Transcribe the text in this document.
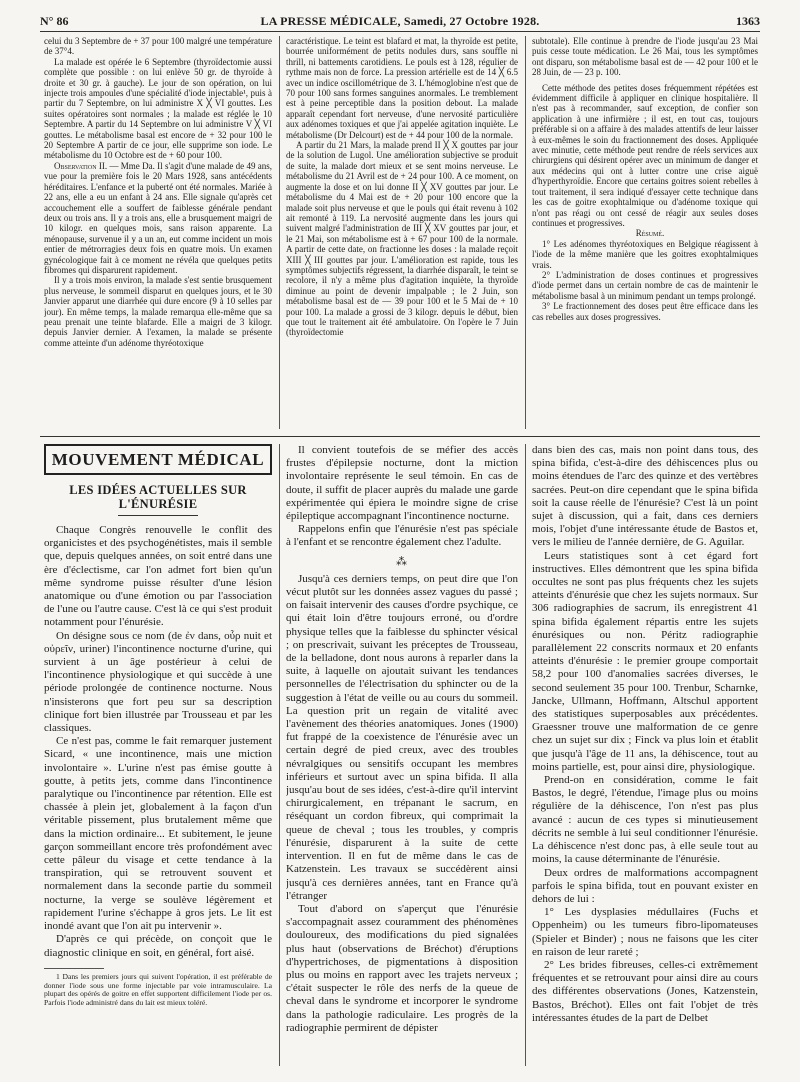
N° 86	LA PRESSE MÉDICALE, Samedi, 27 Octobre 1928.	1363

celui du 3 Septembre de + 37 pour 100 malgré une température de 37°4.

La malade est opérée le 6 Septembre (thyroïdectomie aussi complète que possible : on lui enlève 50 gr. de thyroïde à droite et 30 gr. à gauche). Le jour de son opération, on lui injecte trois ampoules d'une spécialité d'iode injectable¹, puis à partir du 7 Septembre, on lui administre X ╳ VI gouttes. Les suites opératoires sont normales ; la malade est réglée le 10 Septembre. A partir du 14 Septembre on lui administre V ╳ VI gouttes. Le métabolisme basal est encore de + 32 pour 100 le 20 Septembre A partir de ce jour, elle supprime son iode. Le métabolisme du 10 Octobre est de + 60 pour 100.

Observation II. — Mme Da. Il s'agit d'une malade de 49 ans, vue pour la première fois le 20 Mars 1928, sans antécédents héréditaires. L'enfance et la puberté ont été normales. Mariée à 22 ans, elle a eu un enfant à 24 ans. Elle signale qu'après cet accouchement elle a souffert de faiblesse générale pendant deux ou trois ans. Il y a trois ans, elle a brusquement maigri de 10 kilogr. en quelques mois, sans raison apparente. La ménopause, survenue il y a un an, eut comme incident un mois entier de métrorragies deux fois en quatre mois. Un examen gynécologique fait à ce moment ne révéla que quelques petits fibromes qui disparurent rapidement.

Il y a trois mois environ, la malade s'est sentie brusquement plus nerveuse, le sommeil disparut en quelques jours, et le 30 Janvier apparut une diarrhée qui dure encore (9 à 10 selles par jour). En même temps, la malade remarqua elle-même que sa peau prenait une teinte blafarde. Elle a maigri de 3 kilogr. depuis Janvier dernier. A l'examen, la malade se présente comme atteinte d'un adénome thyréotoxique

caractéristique. Le teint est blafard et mat, la thyroïde est petite, bourrée uniformément de petits nodules durs, sans souffle ni thrill, ni battements carotidiens. Le pouls est à 128, régulier de rythme mais non de force. La pression artérielle est de 14 ╳ 6.5 avec un indice oscillométrique de 3. L'hémoglobine n'est que de 70 pour 100 sans formes sanguines anormales. Le tremblement est à peine perceptible dans la position debout. La malade apparaît cependant fort nerveuse, d'une nervosité particulière aux adénomes toxiques et que j'ai appelée agitation inquiète. Le métabolisme (Dr Delcourt) est de + 44 pour 100 de la normale.

A partir du 21 Mars, la malade prend II ╳ X gouttes par jour de la solution de Lugol. Une amélioration subjective se produit de suite, la malade dort mieux et se sent moins nerveuse. Le métabolisme du 21 Avril est de + 24 pour 100. A ce moment, on augmente la dose et on lui donne II ╳ XV gouttes par jour. Le métabolisme du 4 Mai est de + 20 pour 100 encore que la malade soit plus nerveuse et que le pouls qui était revenu à 102 ait remonté à 119. La nervosité augmente dans les jours qui suivent malgré l'administration de III ╳ XV gouttes par jour, et le 21 Mai, son métabolisme est à + 67 pour 100 de la normale. A partir de cette date, on fractionne les doses : la malade reçoit XIII ╳ III gouttes par jour. L'amélioration est rapide, tous les symptômes subjectifs régressent, la diarrhée disparaît, le teint se recolore, il n'y a même plus d'agitation inquiète, la thyroïde diminue au point de devenir impalpable ; le 2 Juin, son métabolisme basal est de — 39 pour 100 et le 5 Mai de + 10 pour 100. La malade a grossi de 3 kilogr. depuis le début, bien que tout le traitement ait été ambulatoire. On l'opère le 7 Juin (thyroïdectomie

subtotale). Elle continue à prendre de l'iode jusqu'au 23 Mai puis cesse toute médication. Le 26 Mai, tous les symptômes ont disparu, son métabolisme basal est de — 42 pour 100 et le 28 Juin, de — 23 p. 100.

Cette méthode des petites doses fréquemment répétées est évidemment difficile à appliquer en clinique hospitalière. Il n'est pas à recommander, sauf exception, de confier son application à une infirmière ; il est, en tout cas, toujours préférable si on a affaire à des malades attentifs de leur laisser à eux-mêmes le soin du fractionnement des doses. Appliquée avec minutie, cette méthode peut rendre de réels services aux chirurgiens qui désirent opérer avec un minimum de danger et aux médecins qui ont à lutter contre une crise aiguë d'hyperthyroïdie. Encore que certains goitres soient rebelles à tout traitement, il sera indiqué d'essayer cette technique dans les cas de goitre exophtalmique ou d'adénome toxique qui n'ont pas réagi ou ont cessé de réagir aux seules doses continues et progressives.

Résumé.

1° Les adénomes thyréotoxiques en Belgique réagissent à l'iode de la même manière que les goitres exophtalmiques vrais.

2° L'administration de doses continues et progressives d'iode permet dans un certain nombre de cas de maintenir le métabolisme basal à un minimum pendant un temps prolongé.

3° Le fractionnement des doses peut être efficace dans les cas rebelles aux doses progressives.

MOUVEMENT MÉDICAL
LES IDÉES ACTUELLES SUR L'ÉNURÉSIE

Chaque Congrès renouvelle le conflit des organicistes et des psychogénétistes, mais il semble que, depuis quelques années, on soit entré dans une ère d'éclectisme, car l'on admet fort bien qu'un même syndrome puisse résulter d'une lésion anatomique ou d'une émotion ou par l'association de l'une ou l'autre cause. C'est là ce qui s'est produit notamment pour l'énurésie.

On désigne sous ce nom (de ἐν dans, οὖρ nuit et οὐρεῖν, uriner) l'incontinence nocturne d'urine, qui survient à un âge postérieur à celui de l'incontinence physiologique et qui succède à une période prolongée de continence nocturne. Nous n'insisterons que fort peu sur sa description clinique fort bien illustrée par Trousseau et par les classiques.

Ce n'est pas, comme le fait remarquer justement Sicard, « une incontinence, mais une miction involontaire ». L'urine n'est pas émise goutte à goutte, à petits jets, comme dans l'incontinence paralytique ou l'incontinence par rétention. Elle est chassée à plein jet, globalement à la façon d'un véritable pissement, plus brutalement même que dans la miction ordinaire... Et subitement, le jeune garçon sommeillant encore très profondément avec cette pâleur du visage et cette tendance à la transpiration, qui se retrouvent souvent et normalement dans la seconde partie du sommeil nocturne, la verge se soulève légèrement et rapidement l'urine s'échappe à gros jets. Le lit est inondé avant que l'on ait pu intervenir ».

D'après ce qui précède, on conçoit que le diagnostic clinique en soit, en général, fort aisé.

1 Dans les premiers jours qui suivent l'opération, il est préférable de donner l'iode sous une forme injectable par voie intramusculaire. La plupart des opérés de goitre en effet supportent difficilement l'iode per os. Parfois l'iode administré dans du lait est mieux toléré.

Il convient toutefois de se méfier des accès frustes d'épilepsie nocturne, dont la miction involontaire représente le seul témoin. En cas de doute, il suffit de placer auprès du malade une garde expérimentée qui épiera le moindre signe de crise épileptique accompagnant l'incontinence nocturne.

Rappelons enfin que l'énurésie n'est pas spéciale à l'enfant et se rencontre également chez l'adulte.

⁂

Jusqu'à ces derniers temps, on peut dire que l'on vécut plutôt sur les données assez vagues du passé ; on faisait intervenir des causes d'ordre psychique, ce qui était loin d'être toujours erroné, ou d'ordre physique telles que la faiblesse du sphincter vésical ; on prescrivait, suivant les préceptes de Trousseau, de la belladone, dont nous aurons à reparler dans la suite, à laquelle on ajoutait suivant les tendances personnelles de l'électrisation du sphincter ou de la suggestion à l'état de veille ou au cours du sommeil. La question prit un regain de vitalité avec l'avènement des théories anatomiques. Jones (1900) fut frappé de la coexistence de l'énurésie avec un certain degré de pied creux, avec des troubles névralgiques ou sensitifs occupant les membres inférieurs et surtout avec un spina bifida. Il alla jusqu'au bout de ses idées, c'est-à-dire qu'il intervint chirurgicalement, en trépanant le sacrum, en réséquant un cordon fibreux, qui comprimait la queue de cheval ; tous les troubles, y compris l'énurésie, disparurent à la suite de cette intervention. Il en fut de même dans le cas de Katzenstein. Les travaux se succédèrent ainsi jusqu'à ces dernières années, tant en France qu'à l'étranger

Tout d'abord on s'aperçut que l'énurésie s'accompagnait assez couramment des phénomènes douloureux, des modifications du pied signalées plus haut (observations de Bréchot) d'éruptions d'hypertrichoses, de pigmentations à disposition plus ou moins en rapport avec les trajets nerveux ; c'était suspecter le rôle des nerfs de la queue de cheval dans le syndrome et incorporer le syndrome dans la pathologie radiculaire. Les progrès de la radiographie permirent de dépister

dans bien des cas, mais non point dans tous, des spina bifida, c'est-à-dire des déhiscences plus ou moins étendues de l'arc des quinze et des vertèbres sacrées. Peut-on dire cependant que le spina bifida soit la cause réelle de l'énurésie? C'est là un point sujet à discussion, qui a fait, dans ces derniers mois, l'objet d'une intéressante étude de Bastos et, vers le milieu de l'année dernière, de G. Aguilar.

Leurs statistiques sont à cet égard fort instructives. Elles démontrent que les spina bifida occultes ne sont pas plus fréquents chez les sujets atteints d'énurésie que chez les sujets normaux. Sur 306 radiographies de sacrum, ils enregistrent 41 spina bifida également répartis entre les sujets énurésiques ou non. Péritz radiographie parallèlement 22 conscrits normaux et 20 enfants atteints d'énurésie : le premier groupe comportait 58,2 pour 100 d'anomalies sacrées diverses, le second seulement 35 pour 100. Trenbur, Scharnke, Jancke, Ullmann, Hoffmann, Altschul apportent des statistiques superposables aux précédentes. Graessner trouve une malformation de ce genre chez un sujet sur dix ; Finck va plus loin et établit que jusqu'à l'âge de 11 ans, la déhiscence, tout au moins partielle, est, pour ainsi dire, physiologique.

Prend-on en considération, comme le fait Bastos, le degré, l'étendue, l'image plus ou moins régulière de la déhiscence, l'on n'est pas plus avancé : aucun de ces types si minutieusement décrits ne semble à lui seul conditionner l'énurésie. La déhiscence n'est donc pas, à elle seule tout au moins, la cause déterminante de l'énurésie.

Deux ordres de malformations accompagnent parfois le spina bifida, tout en pouvant exister en dehors de lui :

1° Les dysplasies médullaires (Fuchs et Oppenheim) ou les tumeurs fibro-lipomateuses (Spieler et Binder) ; nous ne faisons que les citer en raison de leur rareté ;

2° Les brides fibreuses, celles-ci extrêmement fréquentes et se retrouvant pour ainsi dire au cours des différentes observations (Jones, Katzenstein, Bastos, Bréchot). Elles ont fait l'objet de très intéressantes études de la part de Delbet
